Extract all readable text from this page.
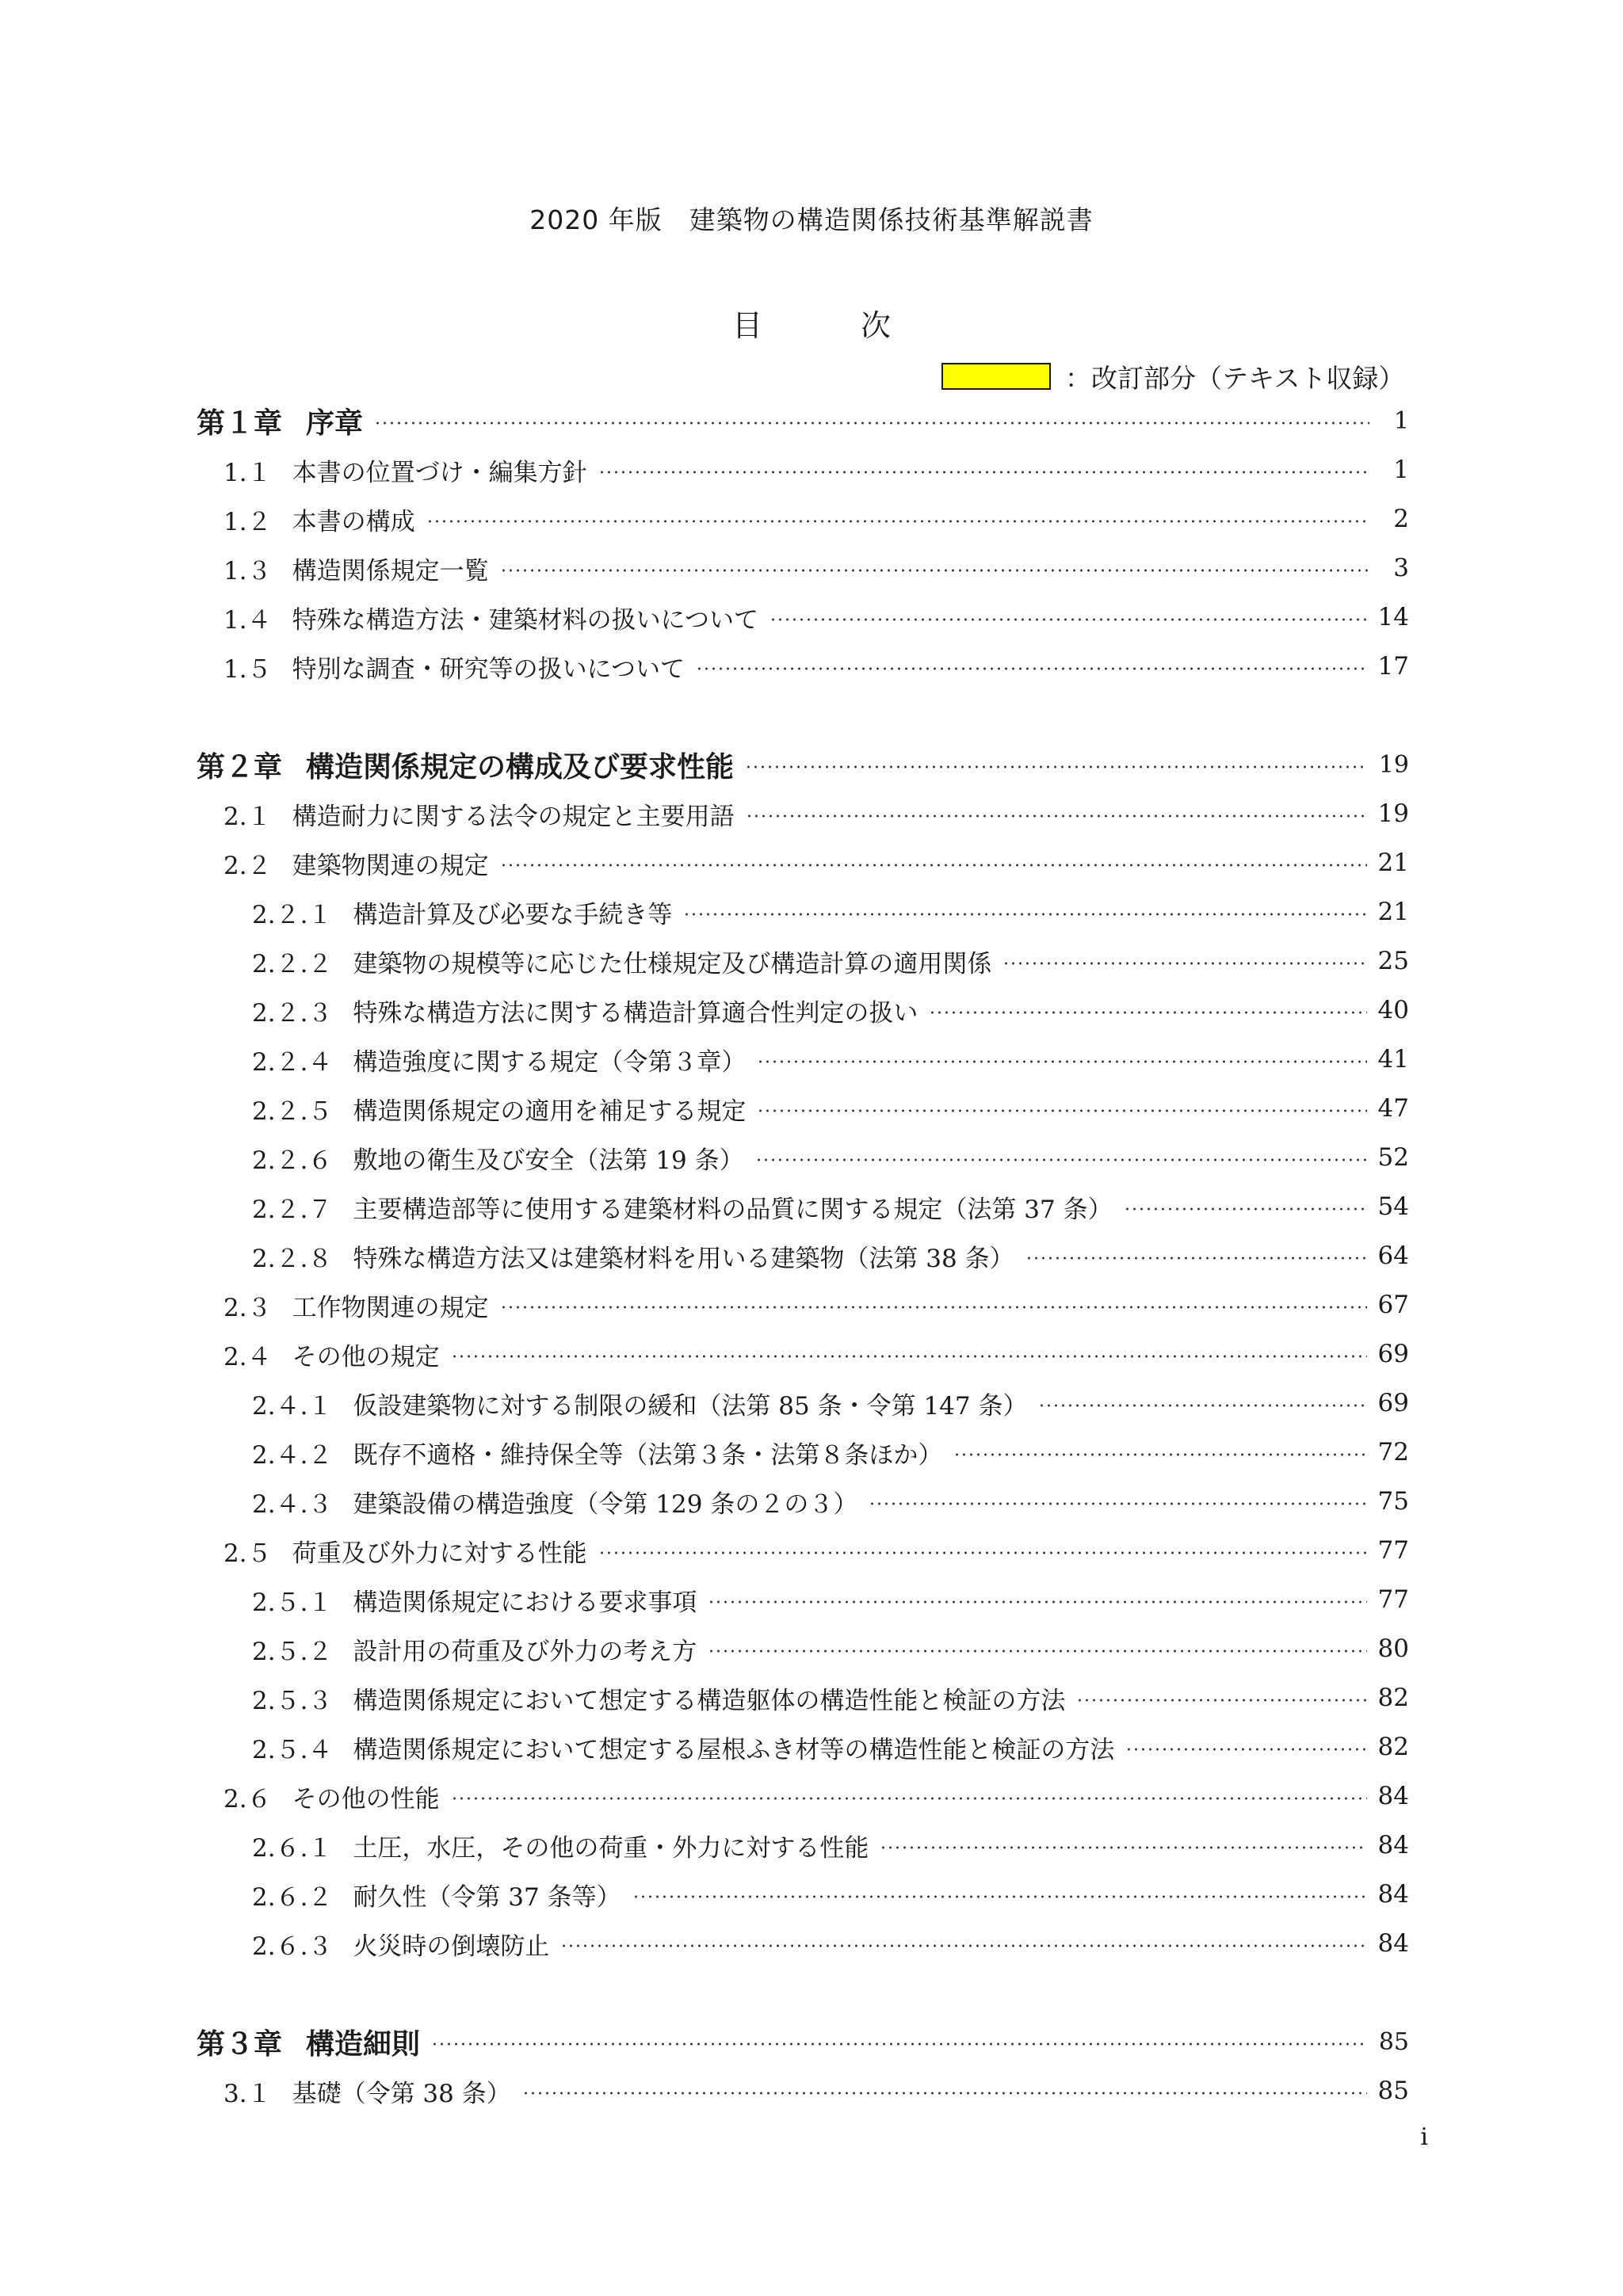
2020 年版　建築物の構造関係技術基準解説書
目 次
：改訂部分（テキスト収録）
第１章 序章	1
1.１ 本書の位置づけ・編集方針	1
1.２ 本書の構成	2
1.３ 構造関係規定一覧	3
1.４ 特殊な構造方法・建築材料の扱いについて	14
1.５ 特別な調査・研究等の扱いについて	17
第２章 構造関係規定の構成及び要求性能	19
2.１ 構造耐力に関する法令の規定と主要用語	19
2.２ 建築物関連の規定	21
2.２.１ 構造計算及び必要な手続き等	21
2.２.２ 建築物の規模等に応じた仕様規定及び構造計算の適用関係	25
2.２.３ 特殊な構造方法に関する構造計算適合性判定の扱い	40
2.２.４ 構造強度に関する規定（令第３章）	41
2.２.５ 構造関係規定の適用を補足する規定	47
2.２.６ 敷地の衛生及び安全（法第 19 条）	52
2.２.７ 主要構造部等に使用する建築材料の品質に関する規定（法第 37 条）	54
2.２.８ 特殊な構造方法又は建築材料を用いる建築物（法第 38 条）	64
2.３ 工作物関連の規定	67
2.４ その他の規定	69
2.４.１ 仮設建築物に対する制限の緩和（法第 85 条・令第 147 条）	69
2.４.２ 既存不適格・維持保全等（法第３条・法第８条ほか）	72
2.４.３ 建築設備の構造強度（令第 129 条の２の３）	75
2.５ 荷重及び外力に対する性能	77
2.５.１ 構造関係規定における要求事項	77
2.５.２ 設計用の荷重及び外力の考え方	80
2.５.３ 構造関係規定において想定する構造躯体の構造性能と検証の方法	82
2.５.４ 構造関係規定において想定する屋根ふき材等の構造性能と検証の方法	82
2.６ その他の性能	84
2.６.１ 土圧，水圧，その他の荷重・外力に対する性能	84
2.６.２ 耐久性（令第 37 条等）	84
2.６.３ 火災時の倒壊防止	84
第３章 構造細則	85
3.１ 基礎（令第 38 条）	85
i
